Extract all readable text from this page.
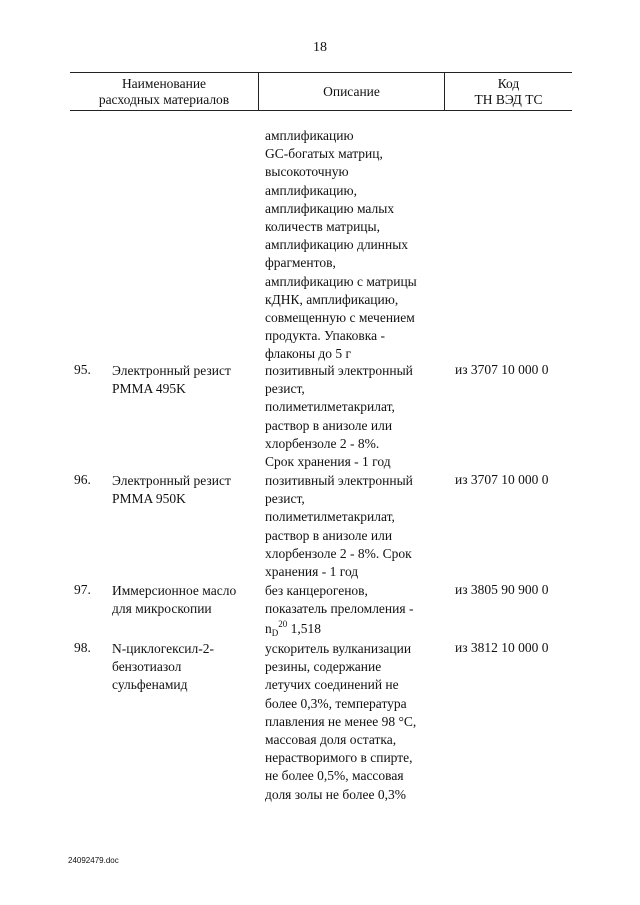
18
Наименование
расходных материалов
Описание
Код
ТН ВЭД ТС
амплификацию
GC-богатых матриц,
высокоточную
амплификацию,
амплификацию малых
количеств матрицы,
амплификацию длинных
фрагментов,
амплификацию с матрицы
кДНК, амплификацию,
совмещенную с мечением
продукта. Упаковка -
флаконы до 5 г
95. Электронный резист
PMMA 495K
позитивный электронный
резист,
полиметилметакрилат,
раствор в анизоле или
хлорбензоле 2 - 8%.
Срок хранения - 1 год
из 3707 10 000 0
96. Электронный резист
PMMA 950K
позитивный электронный
резист,
полиметилметакрилат,
раствор в анизоле или
хлорбензоле 2 - 8%. Срок
хранения - 1 год
из 3707 10 000 0
97. Иммерсионное масло
для микроскопии
без канцерогенов,
показатель преломления -
$n_D^{20}$ 1,518
из 3805 90 900 0
98. N-циклогексил-2-
бензотиазол
сульфенамид
ускоритель вулканизации
резины, содержание
летучих соединений не
более 0,3%, температура
плавления не менее 98 °С,
массовая доля остатка,
нерастворимого в спирте,
не более 0,5%, массовая
доля золы не более 0,3%
из 3812 10 000 0
24092479.doc
